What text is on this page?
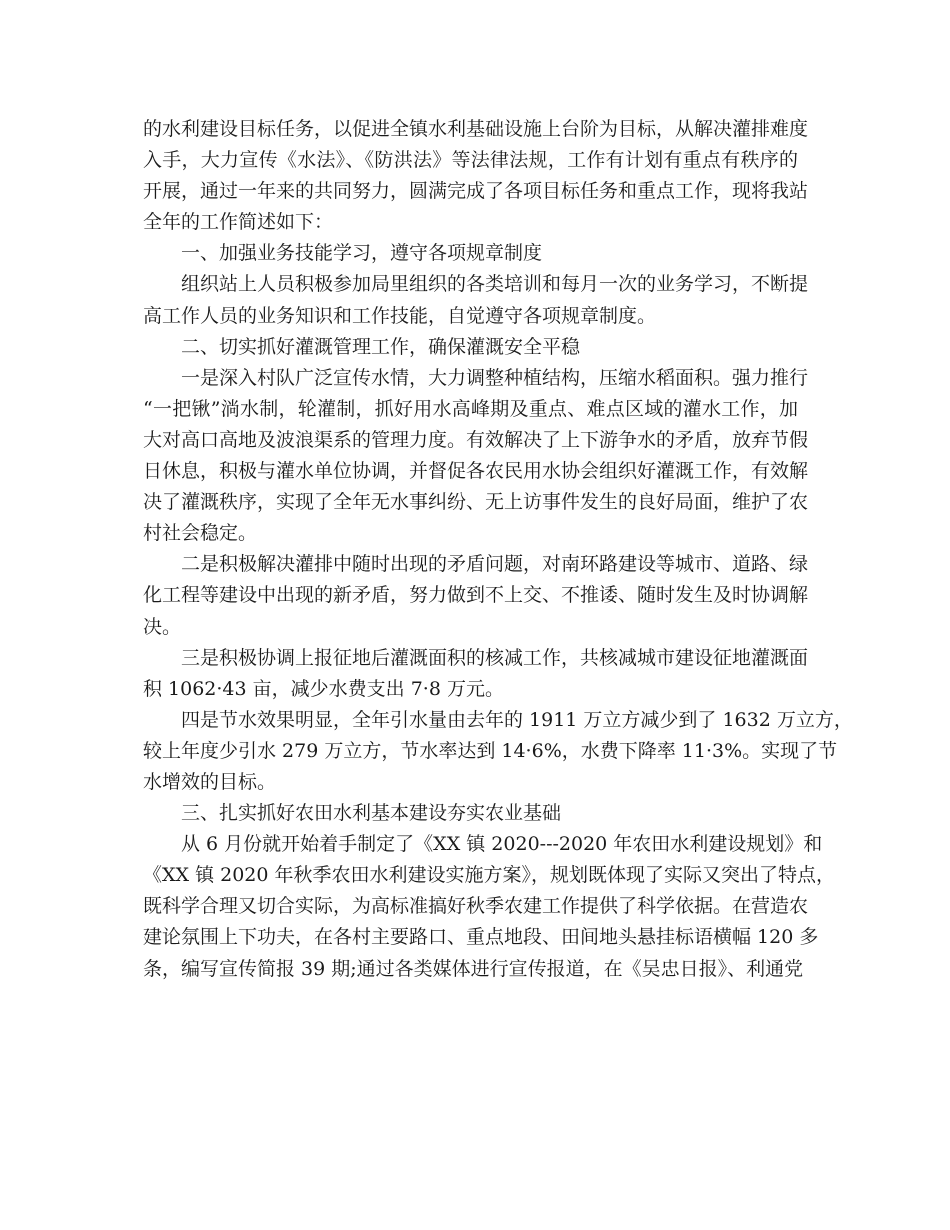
的水利建设目标任务，以促进全镇水利基础设施上台阶为目标，从解决灌排难度
入手，大力宣传《水法》、《防洪法》等法律法规，工作有计划有重点有秩序的
开展，通过一年来的共同努力，圆满完成了各项目标任务和重点工作，现将我站
全年的工作简述如下：
一、加强业务技能学习，遵守各项规章制度
组织站上人员积极参加局里组织的各类培训和每月一次的业务学习，不断提
高工作人员的业务知识和工作技能，自觉遵守各项规章制度。
二、切实抓好灌溉管理工作，确保灌溉安全平稳
一是深入村队广泛宣传水情，大力调整种植结构，压缩水稻面积。强力推行
“一把锹”淌水制，轮灌制，抓好用水高峰期及重点、难点区域的灌水工作，加
大对高口高地及波浪渠系的管理力度。有效解决了上下游争水的矛盾，放弃节假
日休息，积极与灌水单位协调，并督促各农民用水协会组织好灌溉工作，有效解
决了灌溉秩序，实现了全年无水事纠纷、无上访事件发生的良好局面，维护了农
村社会稳定。
二是积极解决灌排中随时出现的矛盾问题，对南环路建设等城市、道路、绿
化工程等建设中出现的新矛盾，努力做到不上交、不推诿、随时发生及时协调解
决。
三是积极协调上报征地后灌溉面积的核减工作，共核减城市建设征地灌溉面
积 1062·43 亩，减少水费支出 7·8 万元。
四是节水效果明显，全年引水量由去年的 1911 万立方减少到了 1632 万立方，
较上年度少引水 279 万立方，节水率达到 14·6%，水费下降率 11·3%。实现了节
水增效的目标。
三、扎实抓好农田水利基本建设夯实农业基础
从 6 月份就开始着手制定了《XX 镇 2020---2020 年农田水利建设规划》和
《XX 镇 2020 年秋季农田水利建设实施方案》，规划既体现了实际又突出了特点，
既科学合理又切合实际，为高标准搞好秋季农建工作提供了科学依据。在营造农
建论氛围上下功夫，在各村主要路口、重点地段、田间地头悬挂标语横幅 120 多
条，编写宣传简报 39 期;通过各类媒体进行宣传报道，在《吴忠日报》、利通党
